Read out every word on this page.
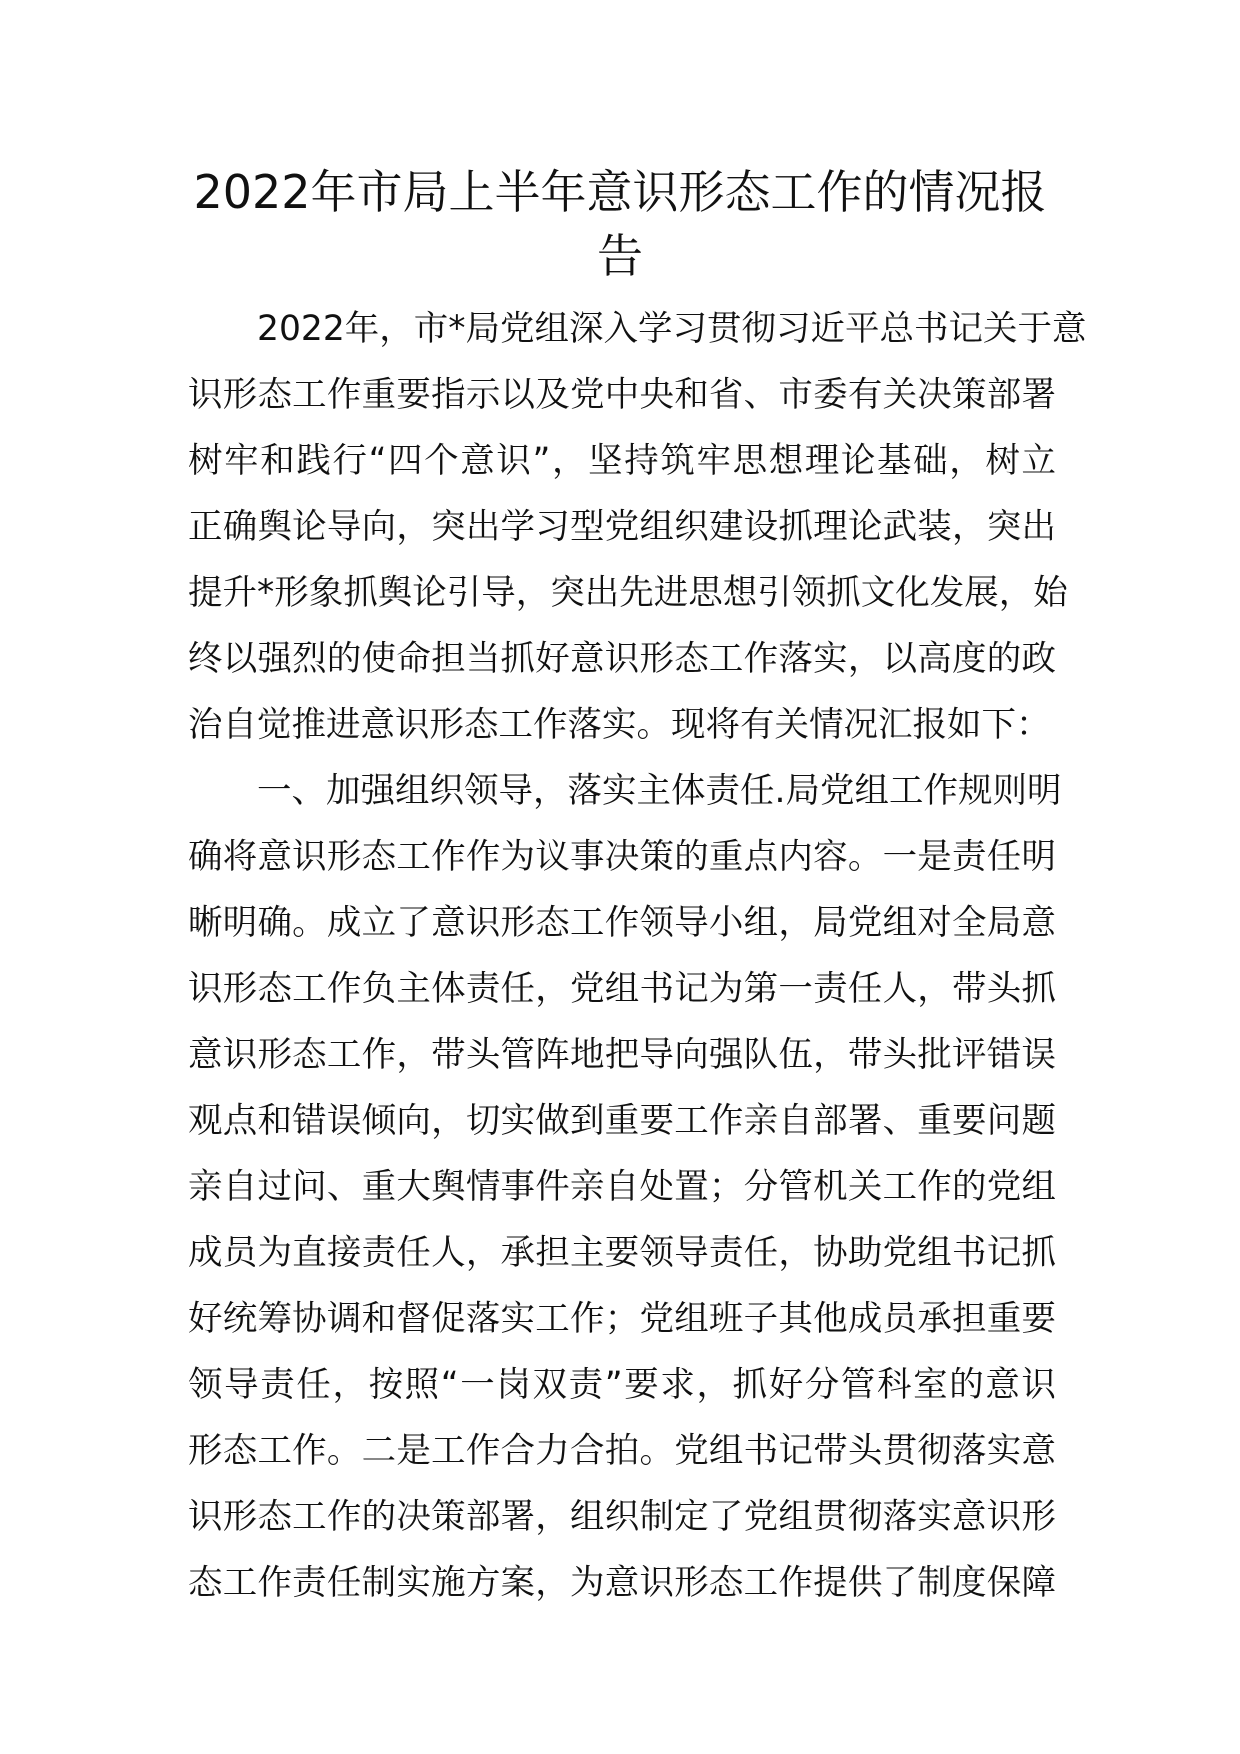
2022年市局上半年意识形态工作的情况报
告
2022年，市*局党组深入学习贯彻习近平总书记关于意
识形态工作重要指示以及党中央和省、市委有关决策部署
树牢和践行“四个意识”，坚持筑牢思想理论基础，树立
正确舆论导向，突出学习型党组织建设抓理论武装，突出
提升*形象抓舆论引导，突出先进思想引领抓文化发展，始
终以强烈的使命担当抓好意识形态工作落实，以高度的政
治自觉推进意识形态工作落实。现将有关情况汇报如下：
一、加强组织领导，落实主体责任.局党组工作规则明
确将意识形态工作作为议事决策的重点内容。一是责任明
晰明确。成立了意识形态工作领导小组，局党组对全局意
识形态工作负主体责任，党组书记为第一责任人，带头抓
意识形态工作，带头管阵地把导向强队伍，带头批评错误
观点和错误倾向，切实做到重要工作亲自部署、重要问题
亲自过问、重大舆情事件亲自处置；分管机关工作的党组
成员为直接责任人，承担主要领导责任，协助党组书记抓
好统筹协调和督促落实工作；党组班子其他成员承担重要
领导责任，按照“一岗双责”要求，抓好分管科室的意识
形态工作。二是工作合力合拍。党组书记带头贯彻落实意
识形态工作的决策部署，组织制定了党组贯彻落实意识形
态工作责任制实施方案，为意识形态工作提供了制度保障
